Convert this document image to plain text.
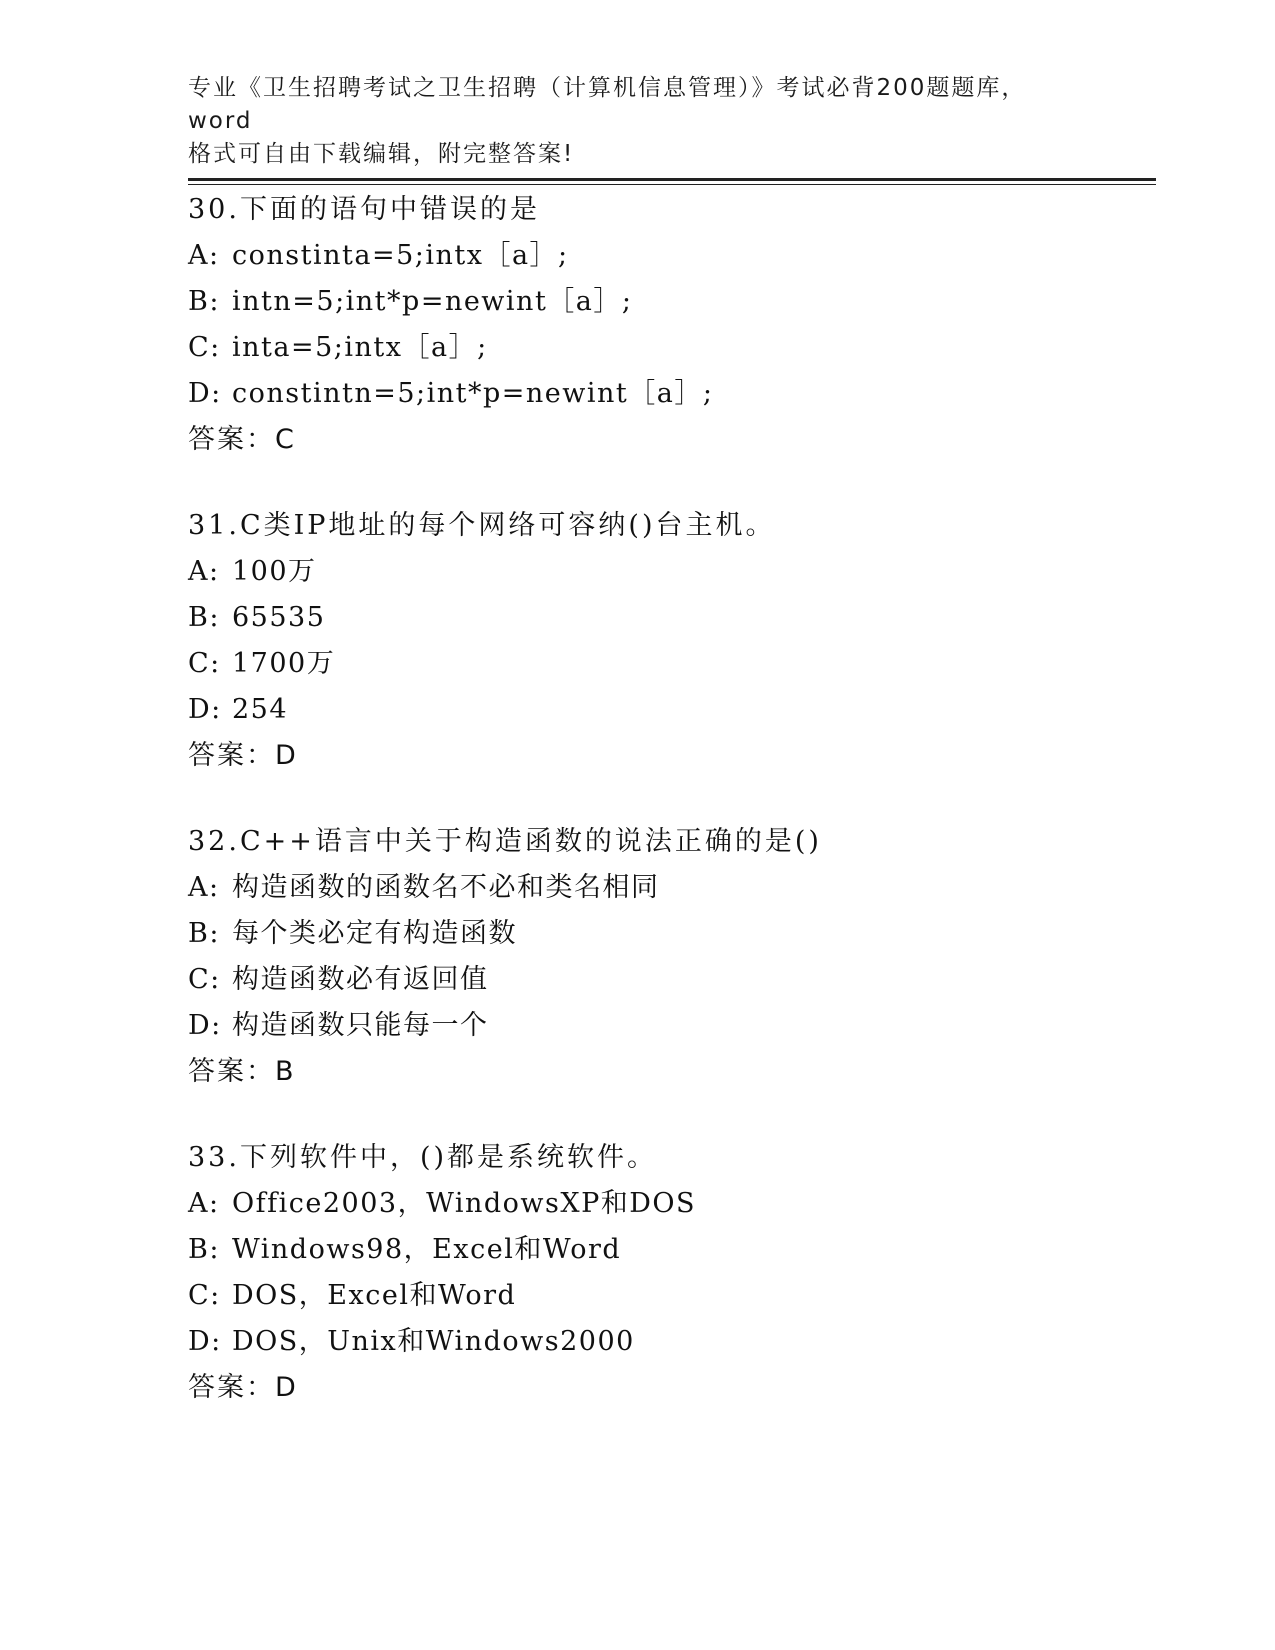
专业《卫生招聘考试之卫生招聘（计算机信息管理）》考试必背200题题库，word
格式可自由下载编辑，附完整答案!
30.下面的语句中错误的是
A: constinta=5;intx［a］;
B: intn=5;int*p=newint［a］;
C: inta=5;intx［a］;
D: constintn=5;int*p=newint［a］;
答案：C
31.C类IP地址的每个网络可容纳()台主机。
A: 100万
B: 65535
C: 1700万
D: 254
答案：D
32.C++语言中关于构造函数的说法正确的是()
A: 构造函数的函数名不必和类名相同
B: 每个类必定有构造函数
C: 构造函数必有返回值
D: 构造函数只能每一个
答案：B
33.下列软件中，()都是系统软件。
A: Office2003，WindowsXP和DOS
B: Windows98，Excel和Word
C: DOS，Excel和Word
D: DOS，Unix和Windows2000
答案：D
